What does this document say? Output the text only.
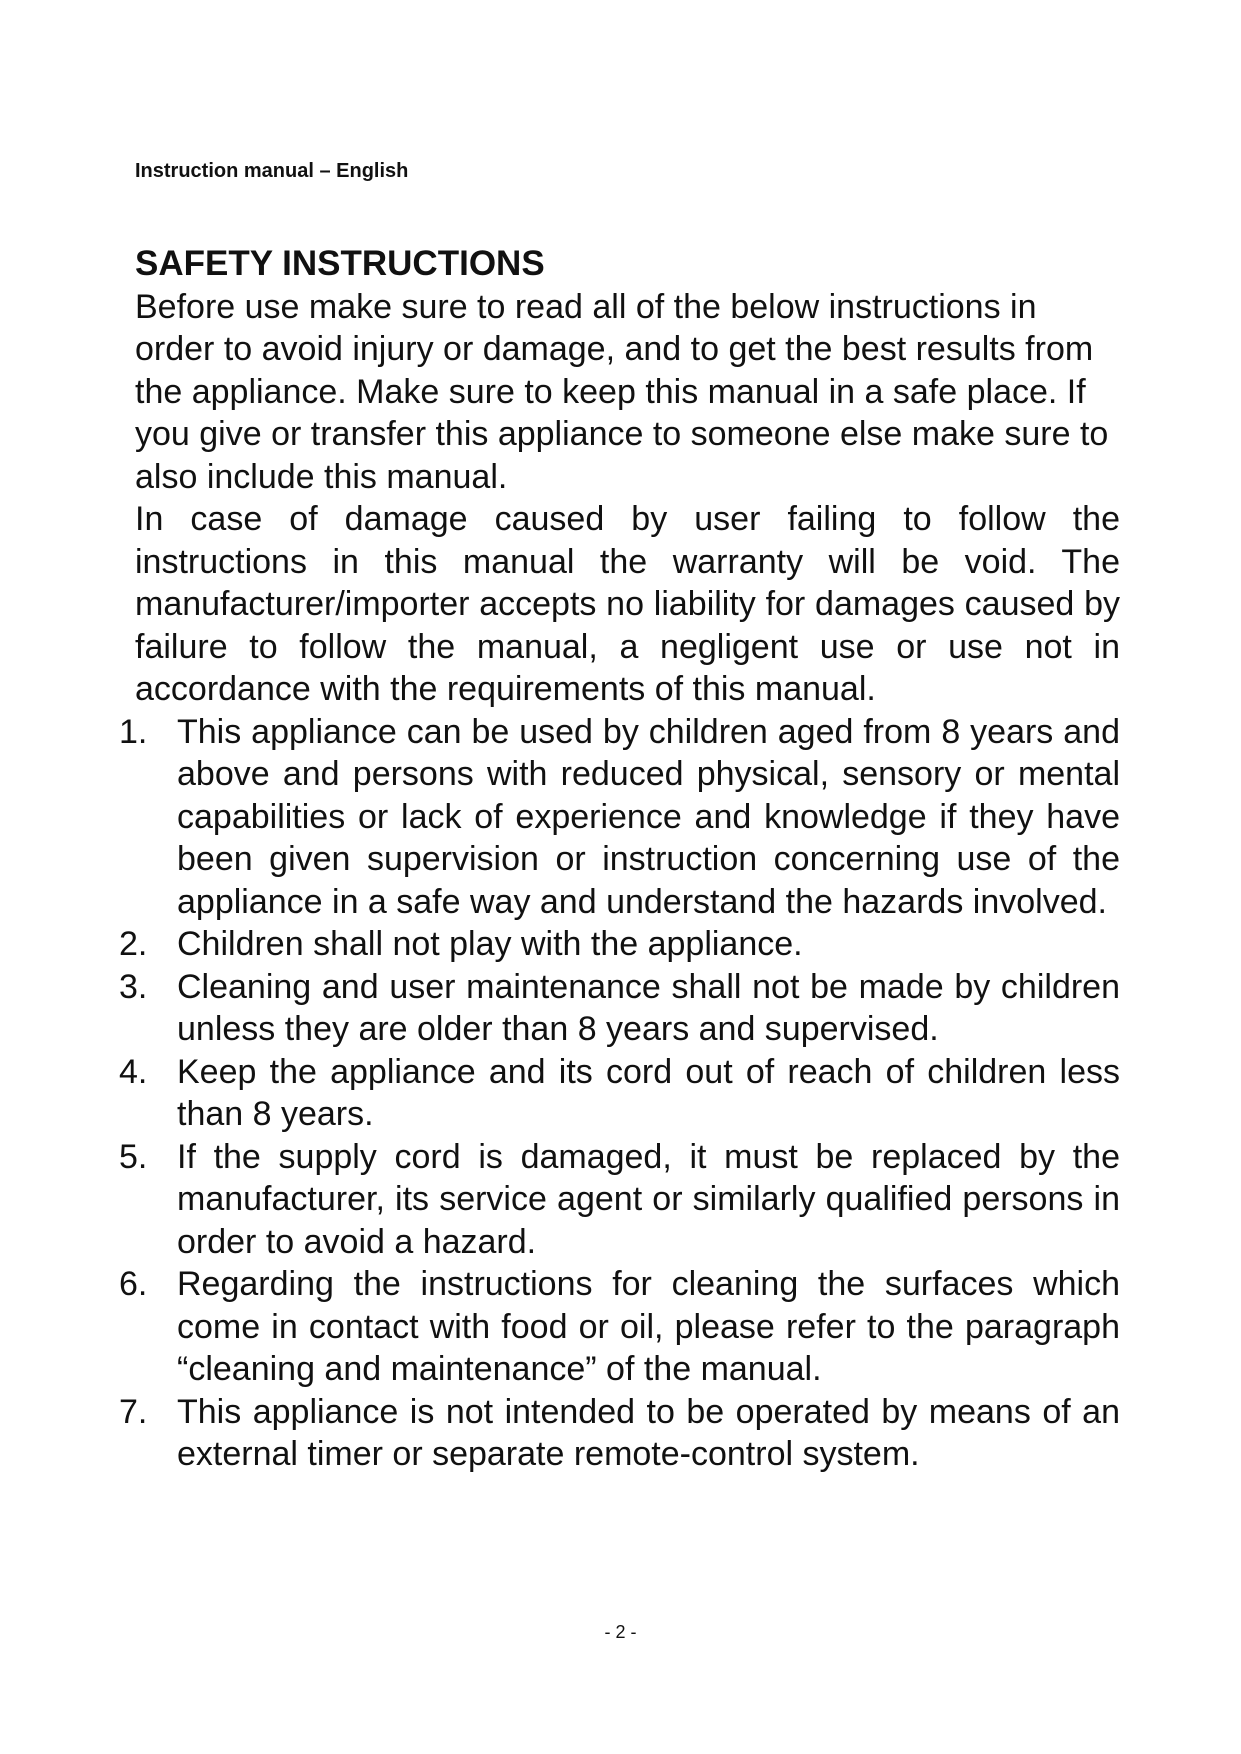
Instruction manual – English

SAFETY INSTRUCTIONS

Before use make sure to read all of the below instructions in order to avoid injury or damage, and to get the best results from the appliance. Make sure to keep this manual in a safe place. If you give or transfer this appliance to someone else make sure to also include this manual.

In case of damage caused by user failing to follow the instructions in this manual the warranty will be void. The manufacturer/importer accepts no liability for damages caused by failure to follow the manual, a negligent use or use not in accordance with the requirements of this manual.

1. This appliance can be used by children aged from 8 years and above and persons with reduced physical, sensory or mental capabilities or lack of experience and knowledge if they have been given supervision or instruction concerning use of the appliance in a safe way and understand the hazards involved.
2. Children shall not play with the appliance.
3. Cleaning and user maintenance shall not be made by children unless they are older than 8 years and supervised.
4. Keep the appliance and its cord out of reach of children less than 8 years.
5. If the supply cord is damaged, it must be replaced by the manufacturer, its service agent or similarly qualified persons in order to avoid a hazard.
6. Regarding the instructions for cleaning the surfaces which come in contact with food or oil, please refer to the paragraph “cleaning and maintenance” of the manual.
7. This appliance is not intended to be operated by means of an external timer or separate remote-control system.
- 2 -
